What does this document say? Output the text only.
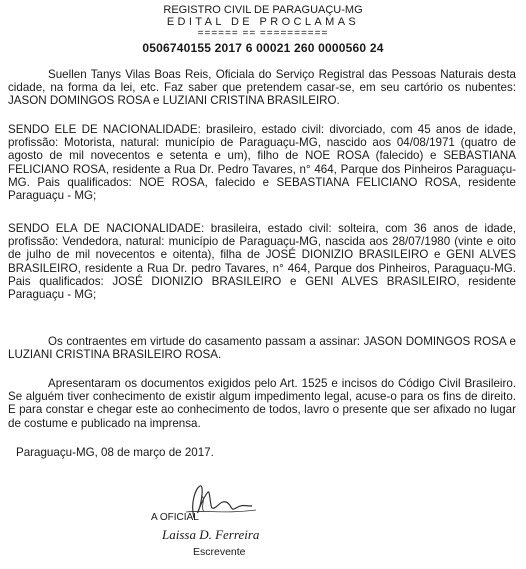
REGISTRO CIVIL DE PARAGUAÇU-MG
EDITAL DE PROCLAMAS
====== == ==========
0506740155 2017 6 00021 260 0000560 24

Suellen Tanys Vilas Boas Reis, Oficiala do Serviço Registral das Pessoas Naturais desta cidade, na forma da lei, etc. Faz saber que pretendem casar-se, em seu cartório os nubentes: JASON DOMINGOS ROSA e LUZIANI CRISTINA BRASILEIRO.

SENDO ELE DE NACIONALIDADE: brasileiro, estado civil: divorciado, com 45 anos de idade, profissão: Motorista, natural: município de Paraguaçu-MG, nascido aos 04/08/1971 (quatro de agosto de mil novecentos e setenta e um), filho de NOE ROSA (falecido) e SEBASTIANA FELICIANO ROSA, residente a Rua Dr. Pedro Tavares, n° 464, Parque dos Pinheiros Paraguaçu-MG. Pais qualificados: NOE ROSA, falecido e SEBASTIANA FELICIANO ROSA, residente Paraguaçu - MG;

SENDO ELA DE NACIONALIDADE: brasileira, estado civil: solteira, com 36 anos de idade, profissão: Vendedora, natural: município de Paraguaçu-MG, nascida aos 28/07/1980 (vinte e oito de julho de mil novecentos e oitenta), filha de JOSÉ DIONIZIO BRASILEIRO e GENI ALVES BRASILEIRO, residente a Rua Dr. pedro Tavares, n° 464, Parque dos Pinheiros, Paraguaçu-MG. Pais qualificados: JOSÉ DIONIZIO BRASILEIRO e GENI ALVES BRASILEIRO, residente Paraguaçu - MG;

Os contraentes em virtude do casamento passam a assinar: JASON DOMINGOS ROSA e LUZIANI CRISTINA BRASILEIRO ROSA.

Apresentaram os documentos exigidos pelo Art. 1525 e incisos do Código Civil Brasileiro. Se alguém tiver conhecimento de existir algum impedimento legal, acuse-o para os fins de direito. E para constar e chegar este ao conhecimento de todos, lavro o presente que ser afixado no lugar de costume e publicado na imprensa.

Paraguaçu-MG, 08 de março de 2017.
A OFICIAL
Laissa D. Ferreira
Escrevente
